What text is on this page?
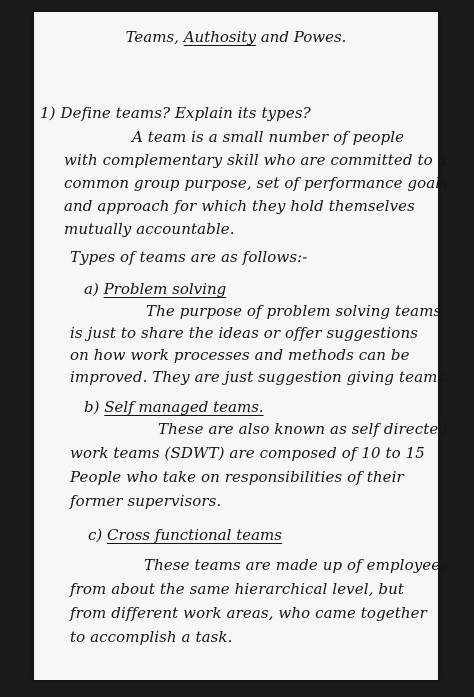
Teams, Authosity and Powes.
1) Define teams? Explain its types?
A team is a small number of people
with complementary skill who are committed to a
common group purpose, set of performance goals
and approach for which they hold themselves
mutually accountable.
Types of teams are as follows:-
a) Problem solving
The purpose of problem solving teams
is just to share the ideas or offer suggestions
on how work processes and methods can be
improved. They are just suggestion giving teams.
b) Self managed teams.
These are also known as self directed
work teams (SDWT) are composed of 10 to 15
People who take on responsibilities of their
former supervisors.
c) Cross functional teams
These teams are made up of employees
from about the same hierarchical level, but
from different work areas, who came together
to accomplish a task.
